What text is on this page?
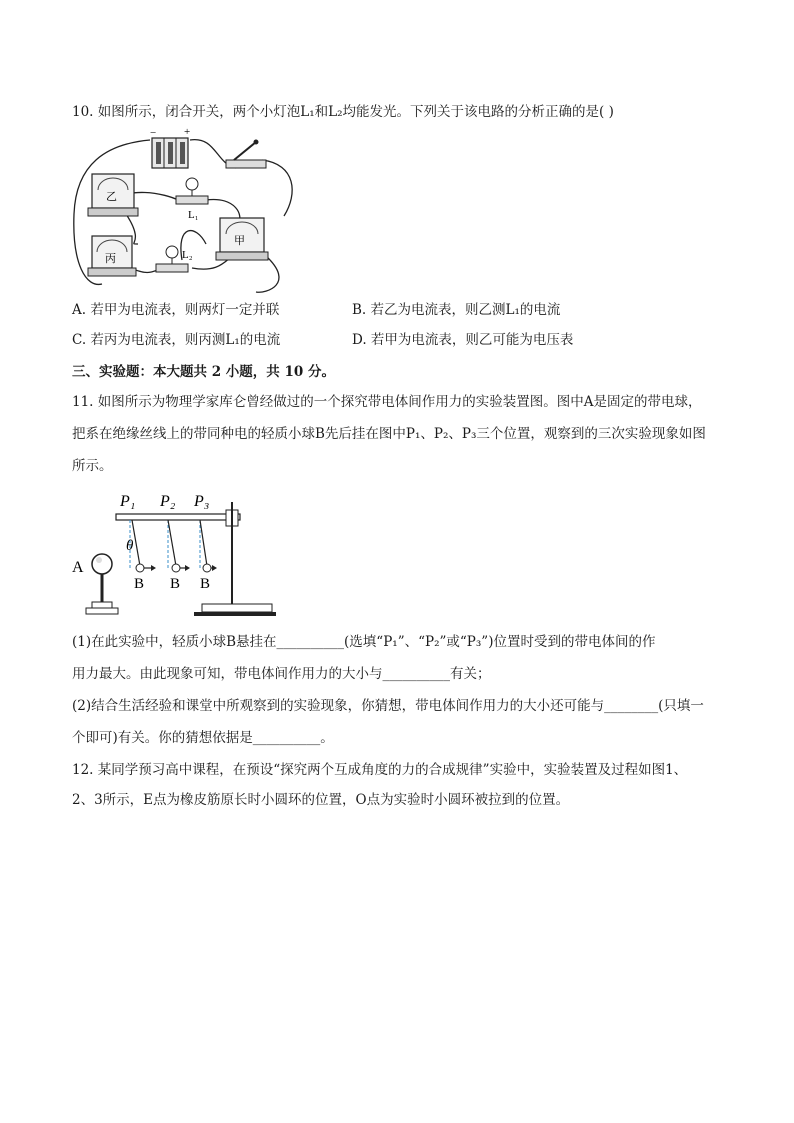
10. 如图所示，闭合开关，两个小灯泡L₁和L₂均能发光。下列关于该电路的分析正确的是( )
−	+
乙
L₁
丙	L₂
甲
A. 若甲为电流表，则两灯一定并联	B. 若乙为电流表，则乙测L₁的电流
C. 若丙为电流表，则丙测L₁的电流	D. 若甲为电流表，则乙可能为电压表
三、实验题：本大题共 2 小题，共 10 分。
11. 如图所示为物理学家库仑曾经做过的一个探究带电体间作用力的实验装置图。图中A是固定的带电球，
把系在绝缘丝线上的带同种电的轻质小球B先后挂在图中P₁、P₂、P₃三个位置，观察到的三次实验现象如图
所示。
P₁ P₂ P₃
θ
B B B
A
(1)在此实验中，轻质小球B悬挂在__________(选填“P₁”、“P₂”或“P₃”)位置时受到的带电体间的作
用力最大。由此现象可知，带电体间作用力的大小与__________有关；
(2)结合生活经验和课堂中所观察到的实验现象，你猜想，带电体间作用力的大小还可能与________(只填一
个即可)有关。你的猜想依据是__________。
12. 某同学预习高中课程，在预设“探究两个互成角度的力的合成规律”实验中，实验装置及过程如图1、
2、3所示，E点为橡皮筋原长时小圆环的位置，O点为实验时小圆环被拉到的位置。
